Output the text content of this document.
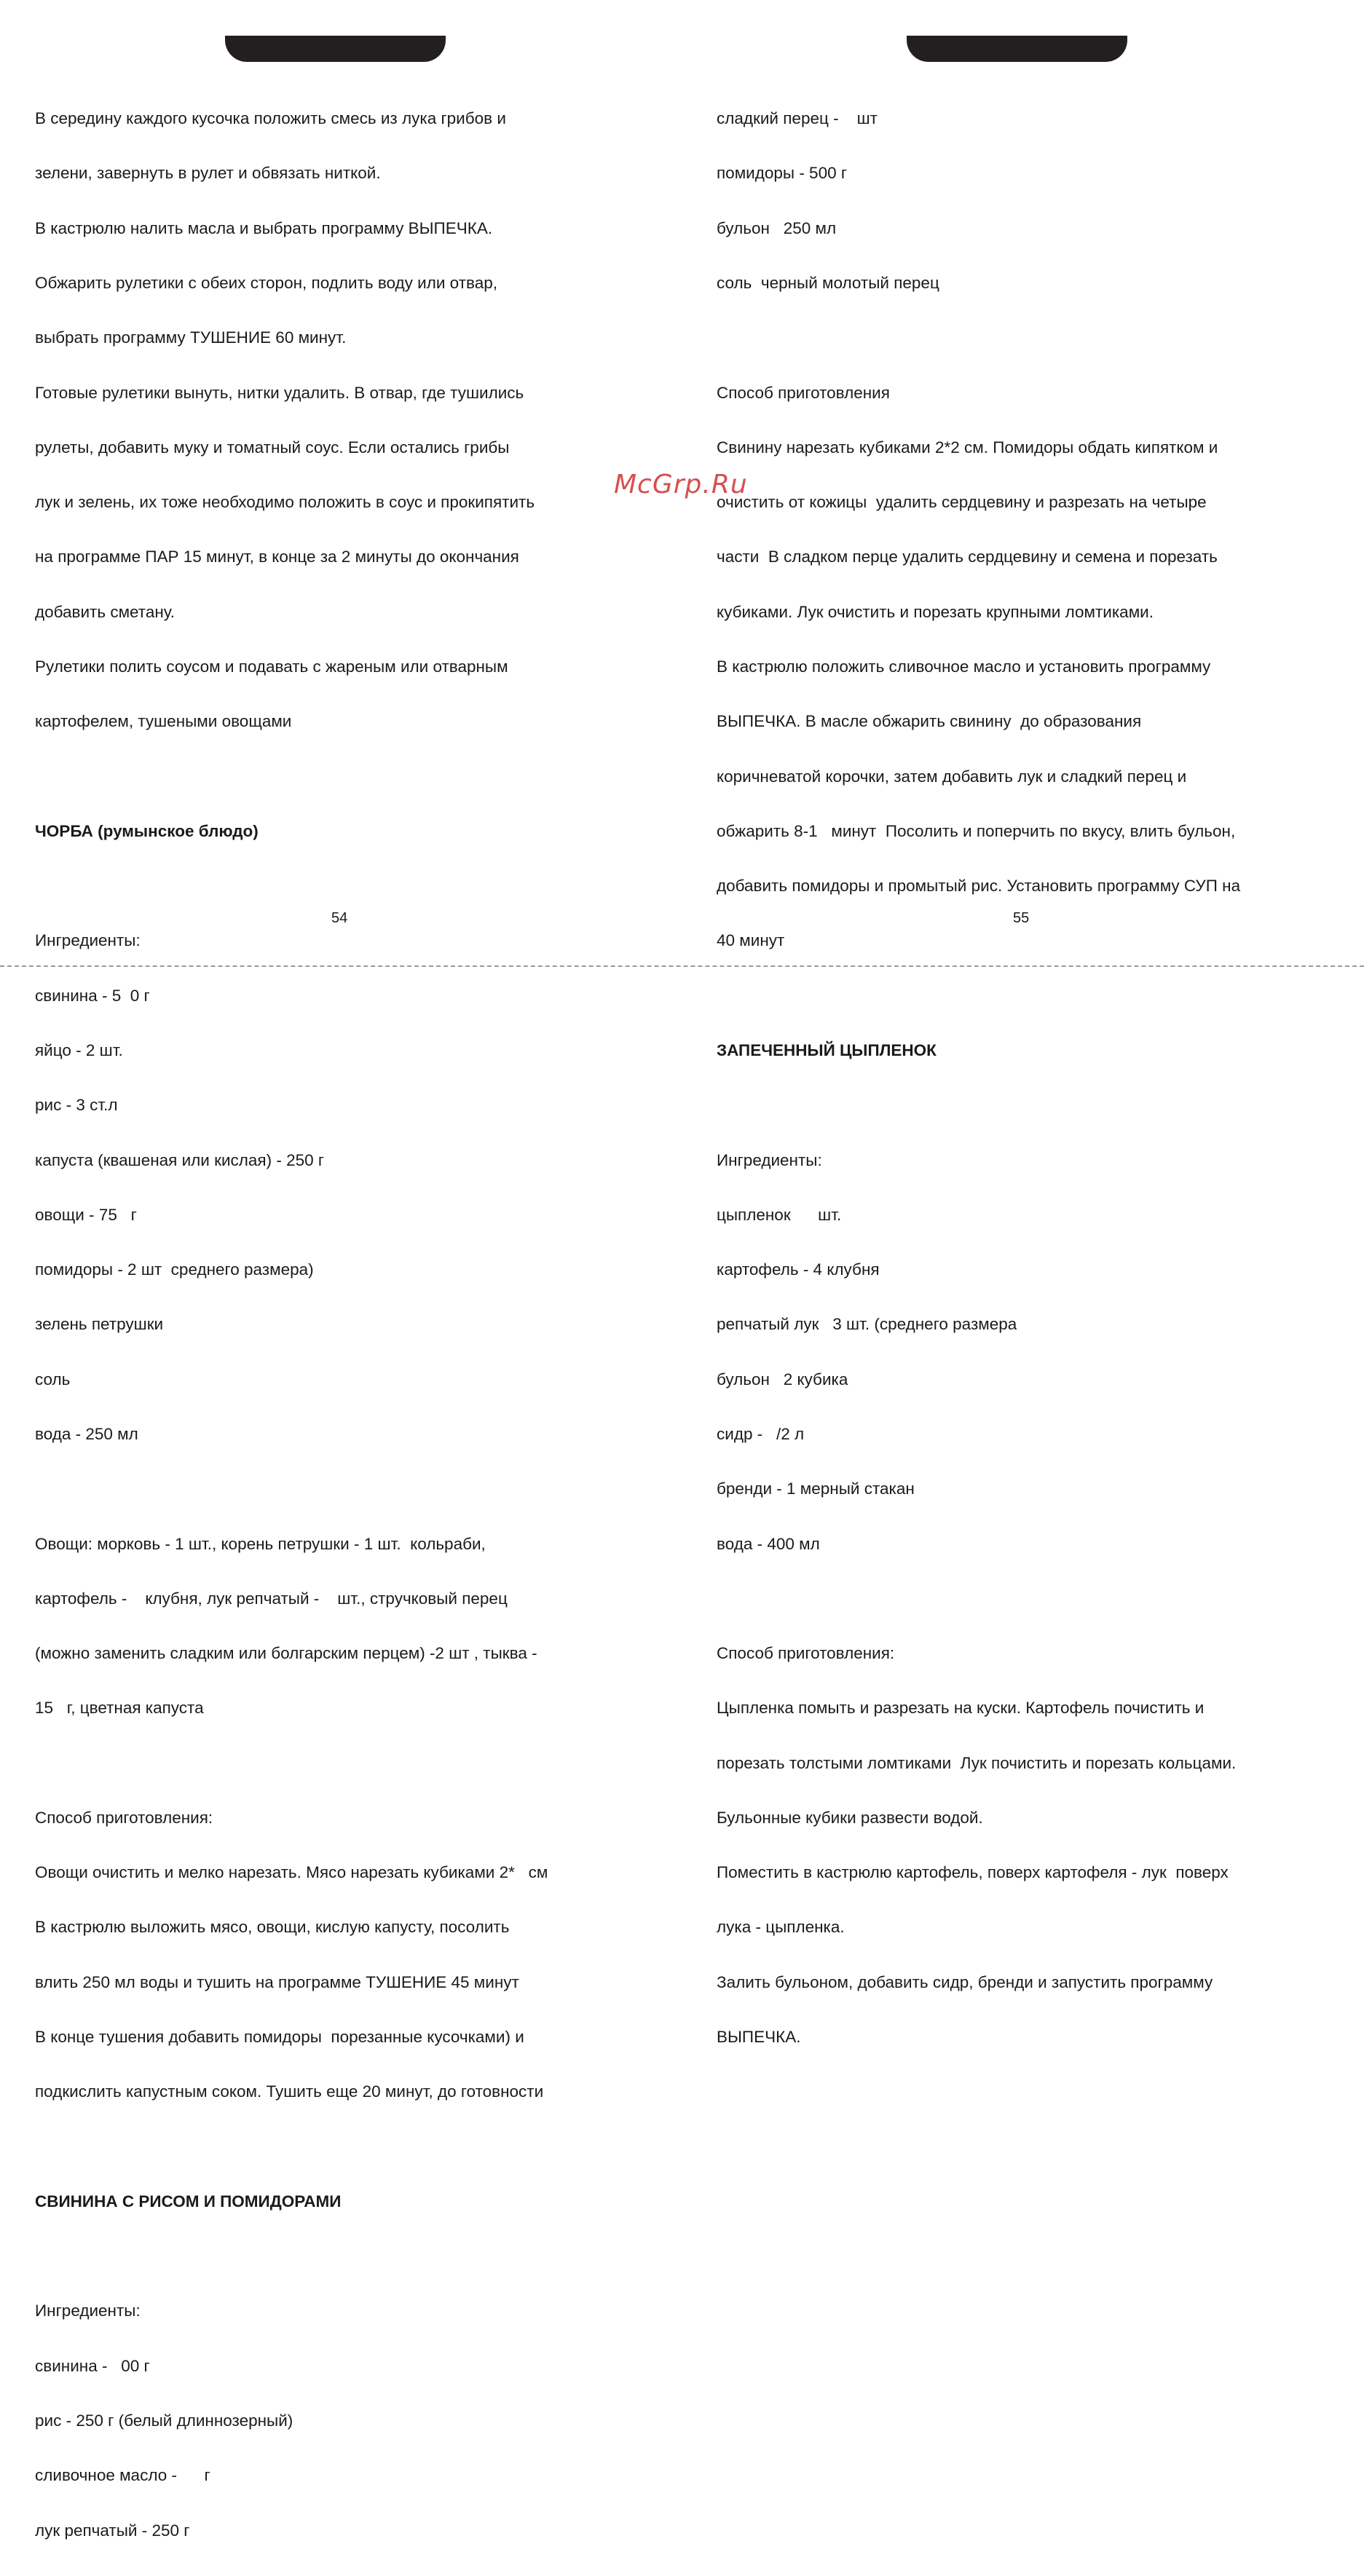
В середину каждого кусочка положить смесь из лука грибов и

зелени, завернуть в рулет и обвязать ниткой.

В кастрюлю налить масла и выбрать программу ВЫПЕЧКА.

Обжарить рулетики с обеих сторон, подлить воду или отвар,

выбрать программу ТУШЕНИЕ 60 минут.

Готовые рулетики вынуть, нитки удалить. В отвар, где тушились

рулеты, добавить муку и томатный соус. Если остались грибы

лук и зелень, их тоже необходимо положить в соус и прокипятить

на программе ПАР 15 минут, в конце за 2 минуты до окончания

добавить сметану.

Рулетики полить соусом и подавать с жареным или отварным

картофелем, тушеными овощами

ЧОРБА (румынское блюдо)

Ингредиенты:

свинина - 5  0 г

яйцо - 2 шт.

рис - 3 ст.л

капуста (квашеная или кислая) - 250 г

овощи - 75   г

помидоры - 2 шт  среднего размера)

зелень петрушки

соль

вода - 250 мл

Овощи: морковь - 1 шт., корень петрушки - 1 шт.  кольраби,

картофель -    клубня, лук репчатый -    шт., стручковый перец

(можно заменить сладким или болгарским перцем) -2 шт , тыква -

15   г, цветная капуста

Способ приготовления:

Овощи очистить и мелко нарезать. Мясо нарезать кубиками 2*   см

В кастрюлю выложить мясо, овощи, кислую капусту, посолить

влить 250 мл воды и тушить на программе ТУШЕНИЕ 45 минут

В конце тушения добавить помидоры  порезанные кусочками) и

подкислить капустным соком. Тушить еще 20 минут, до готовности

СВИНИНА С РИСОМ И ПОМИДОРАМИ

Ингредиенты:

свинина -   00 г

рис - 250 г (белый длиннозерный)

сливочное масло -      г

лук репчатый - 250 г

54

сладкий перец -    шт

помидоры - 500 г

бульон   250 мл

соль  черный молотый перец

Способ приготовления

Свинину нарезать кубиками 2*2 см. Помидоры обдать кипятком и

очистить от кожицы  удалить сердцевину и разрезать на четыре

части  В сладком перце удалить сердцевину и семена и порезать

кубиками. Лук очистить и порезать крупными ломтиками.

В кастрюлю положить сливочное масло и установить программу

ВЫПЕЧКА. В масле обжарить свинину  до образования

коричневатой корочки, затем добавить лук и сладкий перец и

обжарить 8-1   минут  Посолить и поперчить по вкусу, влить бульон,

добавить помидоры и промытый рис. Установить программу СУП на

40 минут

ЗАПЕЧЕННЫЙ ЦЫПЛЕНОК

Ингредиенты:

цыпленок      шт.

картофель - 4 клубня

репчатый лук   3 шт. (среднего размера

бульон   2 кубика

сидр -   /2 л

бренди - 1 мерный стакан

вода - 400 мл

Способ приготовления:

Цыпленка помыть и разрезать на куски. Картофель почистить и

порезать толстыми ломтиками  Лук почистить и порезать кольцами.

Бульонные кубики развести водой.

Поместить в кастрюлю картофель, поверх картофеля - лук  поверх

лука - цыпленка.

Залить бульоном, добавить сидр, бренди и запустить программу

ВЫПЕЧКА.

55
McGrp.Ru
